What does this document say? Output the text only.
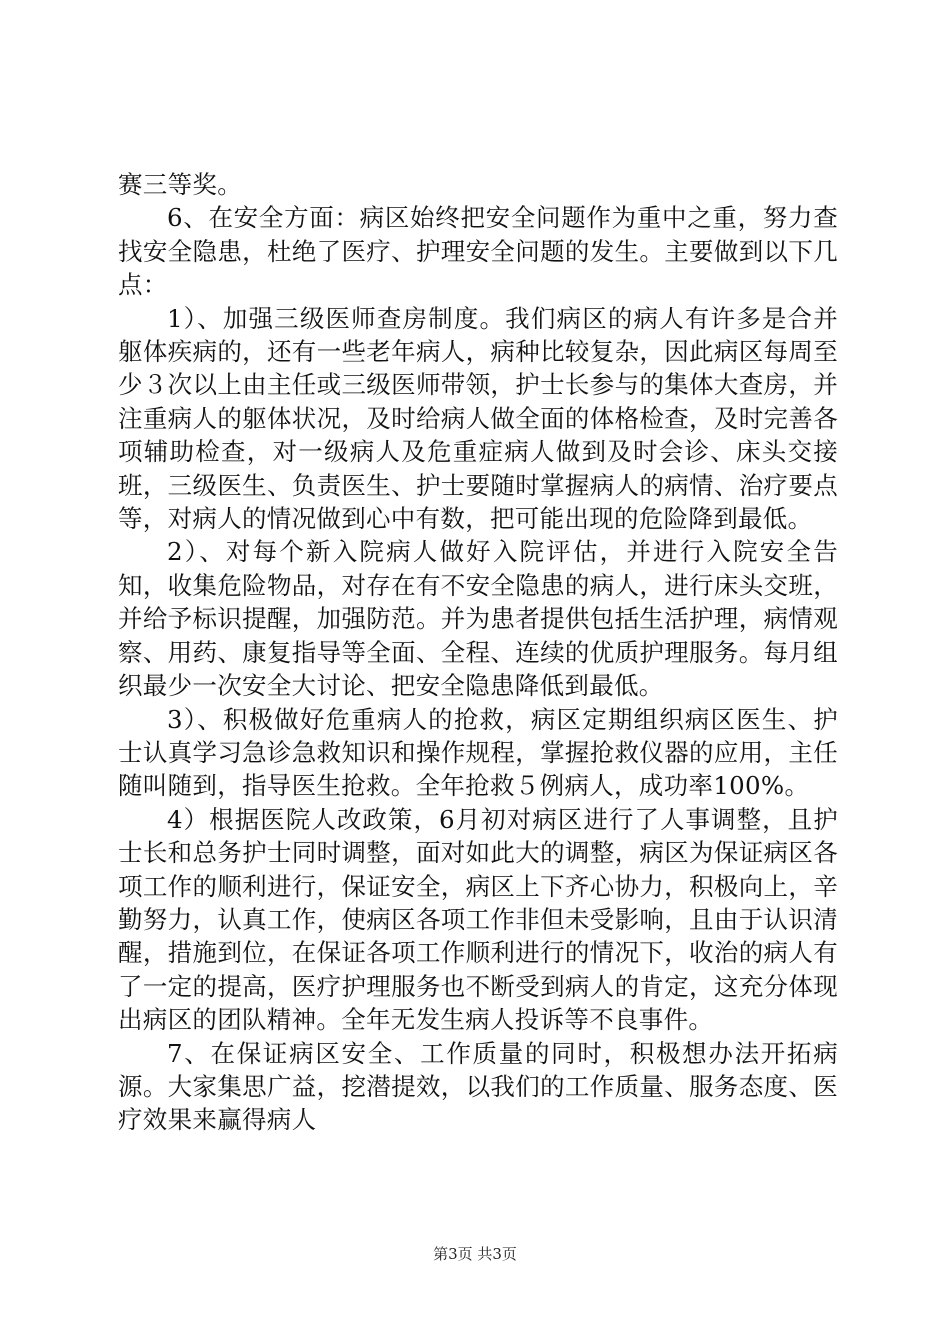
赛三等奖。

6、在安全方面：病区始终把安全问题作为重中之重，努力查找安全隐患，杜绝了医疗、护理安全问题的发生。主要做到以下几点：

1）、加强三级医师查房制度。我们病区的病人有许多是合并躯体疾病的，还有一些老年病人，病种比较复杂，因此病区每周至少３次以上由主任或三级医师带领，护士长参与的集体大查房，并注重病人的躯体状况，及时给病人做全面的体格检查，及时完善各项辅助检查，对一级病人及危重症病人做到及时会诊、床头交接班，三级医生、负责医生、护士要随时掌握病人的病情、治疗要点等，对病人的情况做到心中有数，把可能出现的危险降到最低。

2）、对每个新入院病人做好入院评估，并进行入院安全告知，收集危险物品，对存在有不安全隐患的病人，进行床头交班，并给予标识提醒，加强防范。并为患者提供包括生活护理，病情观察、用药、康复指导等全面、全程、连续的优质护理服务。每月组织最少一次安全大讨论、把安全隐患降低到最低。

3）、积极做好危重病人的抢救，病区定期组织病区医生、护士认真学习急诊急救知识和操作规程，掌握抢救仪器的应用，主任随叫随到，指导医生抢救。全年抢救５例病人，成功率100%。

4）根据医院人改政策，6月初对病区进行了人事调整，且护士长和总务护士同时调整，面对如此大的调整，病区为保证病区各项工作的顺利进行，保证安全，病区上下齐心协力，积极向上，辛勤努力，认真工作，使病区各项工作非但未受影响，且由于认识清醒，措施到位，在保证各项工作顺利进行的情况下，收治的病人有了一定的提高，医疗护理服务也不断受到病人的肯定，这充分体现出病区的团队精神。全年无发生病人投诉等不良事件。

7、在保证病区安全、工作质量的同时，积极想办法开拓病源。大家集思广益，挖潜提效，以我们的工作质量、服务态度、医疗效果来赢得病人

第3页 共3页
